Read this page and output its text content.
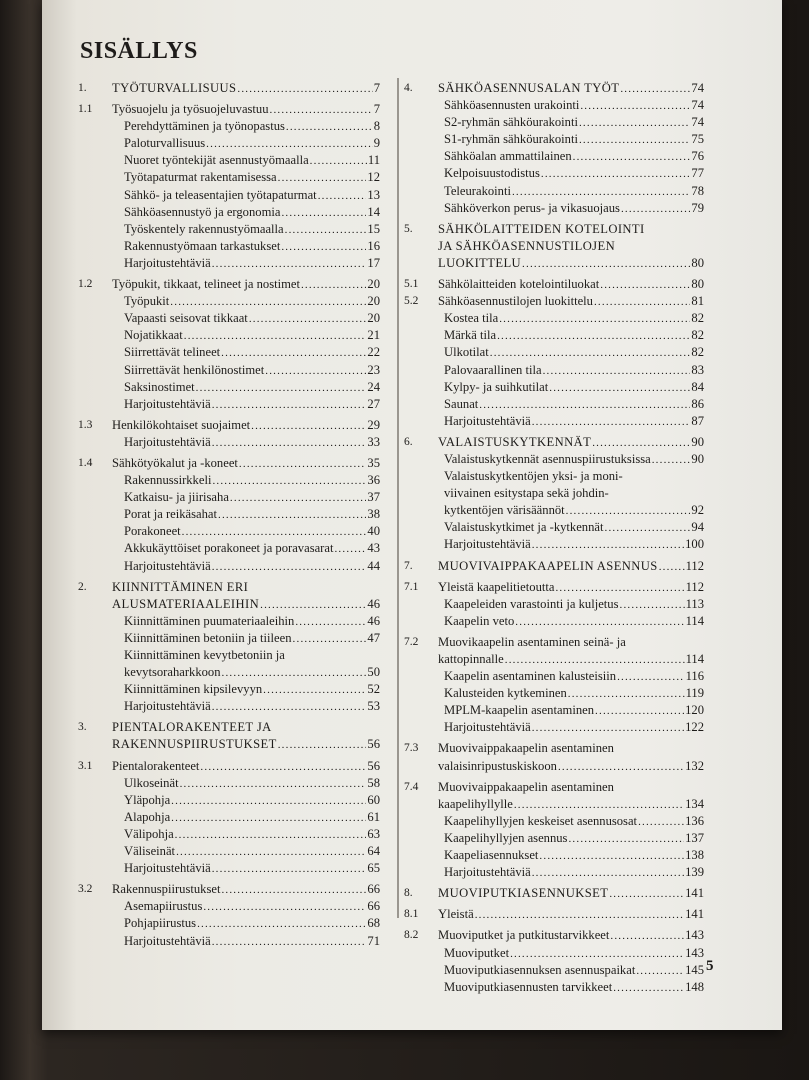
SISÄLLYS
1. TYÖTURVALLISUUS .....	7
1.1 Työsuojelu ja työsuojeluvastuu .....	7
Perehdyttäminen ja työnopastus .....	8
Paloturvallisuus .....	9
Nuoret työntekijät asennustyömaalla .....	11
Työtapaturmat rakentamisessa .....	12
Sähkö- ja teleasentajien työtapaturmat .....	13
Sähköasennustyö ja ergonomia .....	14
Työskentely rakennustyömaalla .....	15
Rakennustyömaan tarkastukset .....	16
Harjoitustehtäviä .....	17
1.2 Työpukit, tikkaat, telineet ja nostimet .....	20
Työpukit .....	20
Vapaasti seisovat tikkaat .....	20
Nojatikkaat .....	21
Siirrettävät telineet .....	22
Siirrettävät henkilönostimet .....	23
Saksinostimet .....	24
Harjoitustehtäviä .....	27
1.3 Henkilökohtaiset suojaimet .....	29
Harjoitustehtäviä .....	33
1.4 Sähkötyökalut ja -koneet .....	35
Rakennussirkkeli .....	36
Katkaisu- ja jiirisaha .....	37
Porat ja reikäsahat .....	38
Porakoneet .....	40
Akkukäyttöiset porakoneet ja poravasarat .....	43
Harjoitustehtäviä .....	44
2. KIINNITTÄMINEN ERI
ALUSMATERIAALEIHIN .....	46
Kiinnittäminen puumateriaaleihin .....	46
Kiinnittäminen betoniin ja tiileen .....	47
Kiinnittäminen kevytbetoniin ja
kevytsoraharkkoon .....	50
Kiinnittäminen kipsilevyyn .....	52
Harjoitustehtäviä .....	53
3. PIENTALORAKENTEET JA
RAKENNUSPIIRUSTUKSET .....	56
3.1 Pientalorakenteet .....	56
Ulkoseinät .....	58
Yläpohja .....	60
Alapohja .....	61
Välipohja .....	63
Väliseinät .....	64
Harjoitustehtäviä .....	65
3.2 Rakennuspiirustukset .....	66
Asemapiirustus .....	66
Pohjapiirustus .....	68
Harjoitustehtäviä .....	71
4. SÄHKÖASENNUSALAN TYÖT .....	74
Sähköasennusten urakointi .....	74
S2-ryhmän sähköurakointi .....	74
S1-ryhmän sähköurakointi .....	75
Sähköalan ammattilainen .....	76
Kelpoisuustodistus .....	77
Teleurakointi .....	78
Sähköverkon perus- ja vikasuojaus .....	79
5. SÄHKÖLAITTEIDEN KOTELOINTI
JA SÄHKÖASENNUSTILOJEN
LUOKITTELU .....	80
5.1 Sähkölaitteiden kotelointiluokat .....	80
5.2 Sähköasennustilojen luokittelu .....	81
Kostea tila .....	82
Märkä tila .....	82
Ulkotilat .....	82
Palovaarallinen tila .....	83
Kylpy- ja suihkutilat .....	84
Saunat .....	86
Harjoitustehtäviä .....	87
6. VALAISTUSKYTKENNÄT .....	90
Valaistuskytkennät asennuspiirustuksissa .....	90
Valaistuskytkentöjen yksi- ja moni-
viivainen esitystapa sekä johdin-
kytkentöjen värisäännöt .....	92
Valaistuskytkimet ja -kytkennät .....	94
Harjoitustehtäviä .....	100
7. MUOVIVAIPPAKAAPELIN ASENNUS ..... 112
7.1 Yleistä kaapelitietoutta .....	112
Kaapeleiden varastointi ja kuljetus .....	113
Kaapelin veto .....	114
7.2 Muovikaapelin asentaminen seinä- ja
kattopinnalle .....	114
Kaapelin asentaminen kalusteisiin .....	116
Kalusteiden kytkeminen .....	119
MPLM-kaapelin asentaminen .....	120
Harjoitustehtäviä .....	122
7.3 Muovivaippakaapelin asentaminen
valaisinripustuskiskoon .....	132
7.4 Muovivaippakaapelin asentaminen
kaapelihyllylle .....	134
Kaapelihyllyjen keskeiset asennusosat .....	136
Kaapelihyllyjen asennus .....	137
Kaapeliasennukset .....	138
Harjoitustehtäviä .....	139
8. MUOVIPUTKIASENNUKSET .....	141
8.1 Yleistä .....	141
8.2 Muoviputket ja putkitustarvikkeet .....	143
Muoviputket .....	143
Muoviputkiasennuksen asennuspaikat .....	145
Muoviputkiasennusten tarvikkeet .....	148
5
